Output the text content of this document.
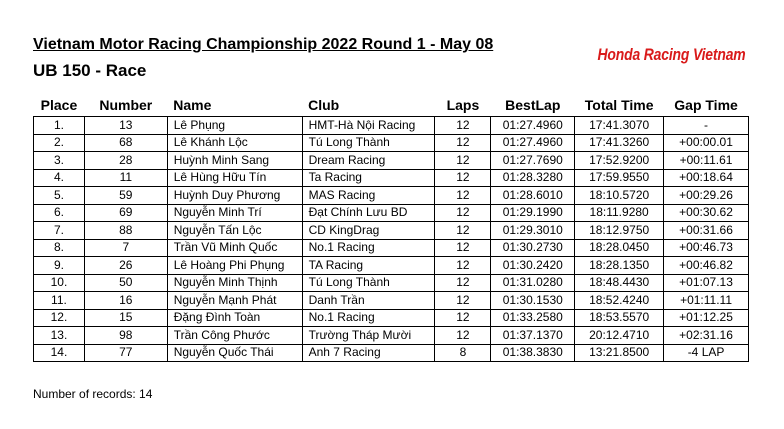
Vietnam Motor Racing Championship 2022 Round 1 - May 08
UB 150 - Race
Honda Racing Vietnam
Place	Number	Name	Club	Laps	BestLap	Total Time	Gap Time
1.	13	Lê Phụng	HMT-Hà Nội Racing	12	01:27.4960	17:41.3070	-
2.	68	Lê Khánh Lộc	Tú Long Thành	12	01:27.4960	17:41.3260	+00:00.01
3.	28	Huỳnh Minh Sang	Dream Racing	12	01:27.7690	17:52.9200	+00:11.61
4.	11	Lê Hùng Hữu Tín	Ta Racing	12	01:28.3280	17:59.9550	+00:18.64
5.	59	Huỳnh Duy Phương	MAS Racing	12	01:28.6010	18:10.5720	+00:29.26
6.	69	Nguyễn Minh Trí	Đạt Chính Lưu BD	12	01:29.1990	18:11.9280	+00:30.62
7.	88	Nguyễn Tấn Lộc	CD KingDrag	12	01:29.3010	18:12.9750	+00:31.66
8.	7	Trần Vũ Minh Quốc	No.1 Racing	12	01:30.2730	18:28.0450	+00:46.73
9.	26	Lê Hoàng Phi Phụng	TA Racing	12	01:30.2420	18:28.1350	+00:46.82
10.	50	Nguyễn Minh Thịnh	Tú Long Thành	12	01:31.0280	18:48.4430	+01:07.13
11.	16	Nguyễn Mạnh Phát	Danh Trần	12	01:30.1530	18:52.4240	+01:11.11
12.	15	Đặng Đình Toàn	No.1 Racing	12	01:33.2580	18:53.5570	+01:12.25
13.	98	Trần Công Phước	Trường Tháp Mười	12	01:37.1370	20:12.4710	+02:31.16
14.	77	Nguyễn Quốc Thái	Anh 7 Racing	8	01:38.3830	13:21.8500	-4 LAP
Number of records: 14
